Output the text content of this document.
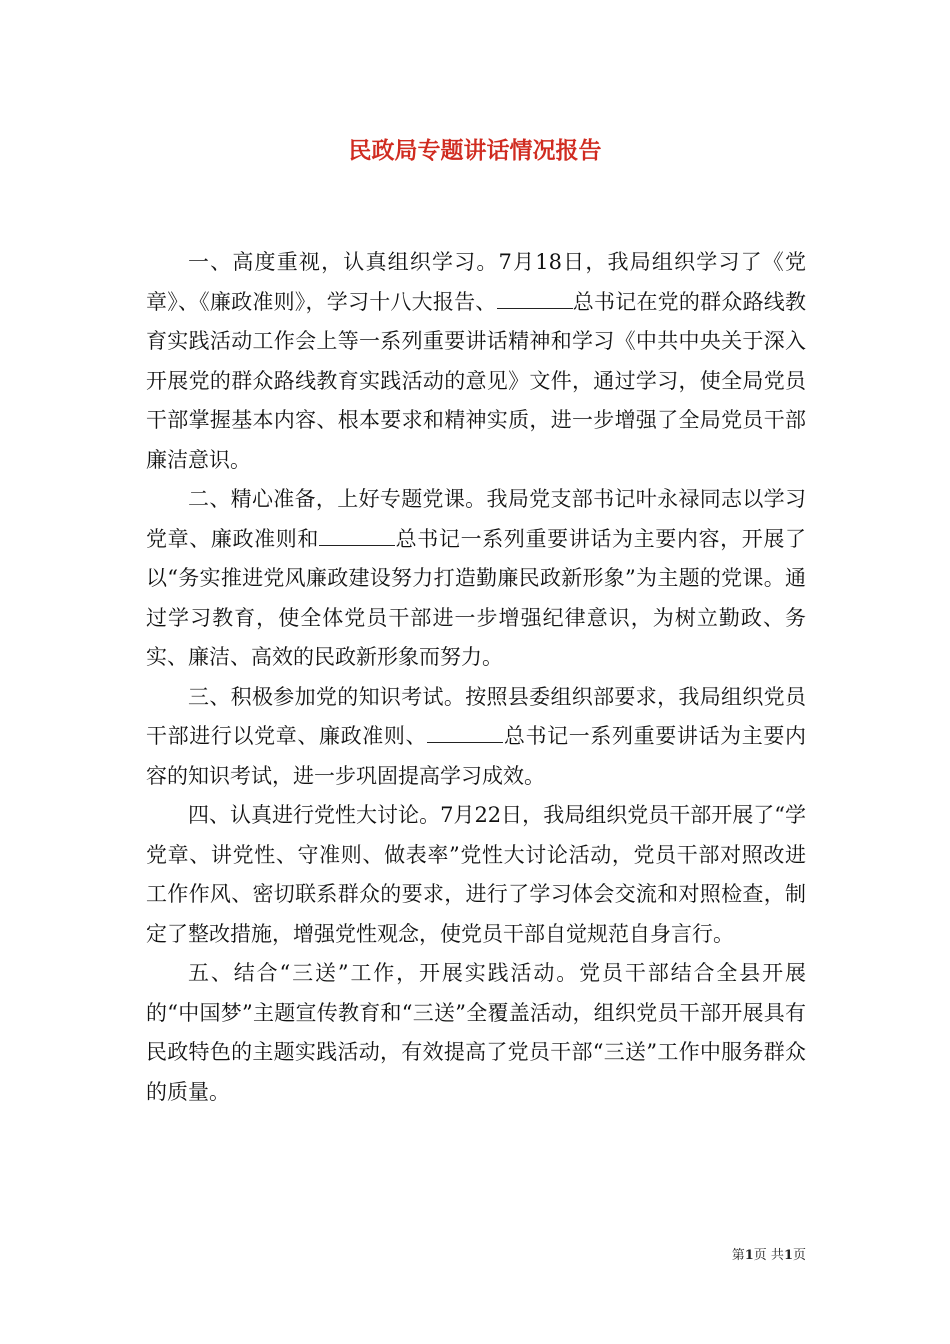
民政局专题讲话情况报告

一、高度重视，认真组织学习。7月18日，我局组织学习了《党章》、《廉政准则》，学习十八大报告、	总书记在党的群众路线教育实践活动工作会上等一系列重要讲话精神和学习《中共中央关于深入开展党的群众路线教育实践活动的意见》文件，通过学习，使全局党员干部掌握基本内容、根本要求和精神实质，进一步增强了全局党员干部廉洁意识。

二、精心准备，上好专题党课。我局党支部书记叶永禄同志以学习党章、廉政准则和	总书记一系列重要讲话为主要内容，开展了以“务实推进党风廉政建设努力打造勤廉民政新形象”为主题的党课。通过学习教育，使全体党员干部进一步增强纪律意识，为树立勤政、务实、廉洁、高效的民政新形象而努力。

三、积极参加党的知识考试。按照县委组织部要求，我局组织党员干部进行以党章、廉政准则、	总书记一系列重要讲话为主要内容的知识考试，进一步巩固提高学习成效。

四、认真进行党性大讨论。7月22日，我局组织党员干部开展了“学党章、讲党性、守准则、做表率”党性大讨论活动，党员干部对照改进工作作风、密切联系群众的要求，进行了学习体会交流和对照检查，制定了整改措施，增强党性观念，使党员干部自觉规范自身言行。

五、结合“三送”工作，开展实践活动。党员干部结合全县开展的“中国梦”主题宣传教育和“三送”全覆盖活动，组织党员干部开展具有民政特色的主题实践活动，有效提高了党员干部“三送”工作中服务群众的质量。

第1页 共1页
